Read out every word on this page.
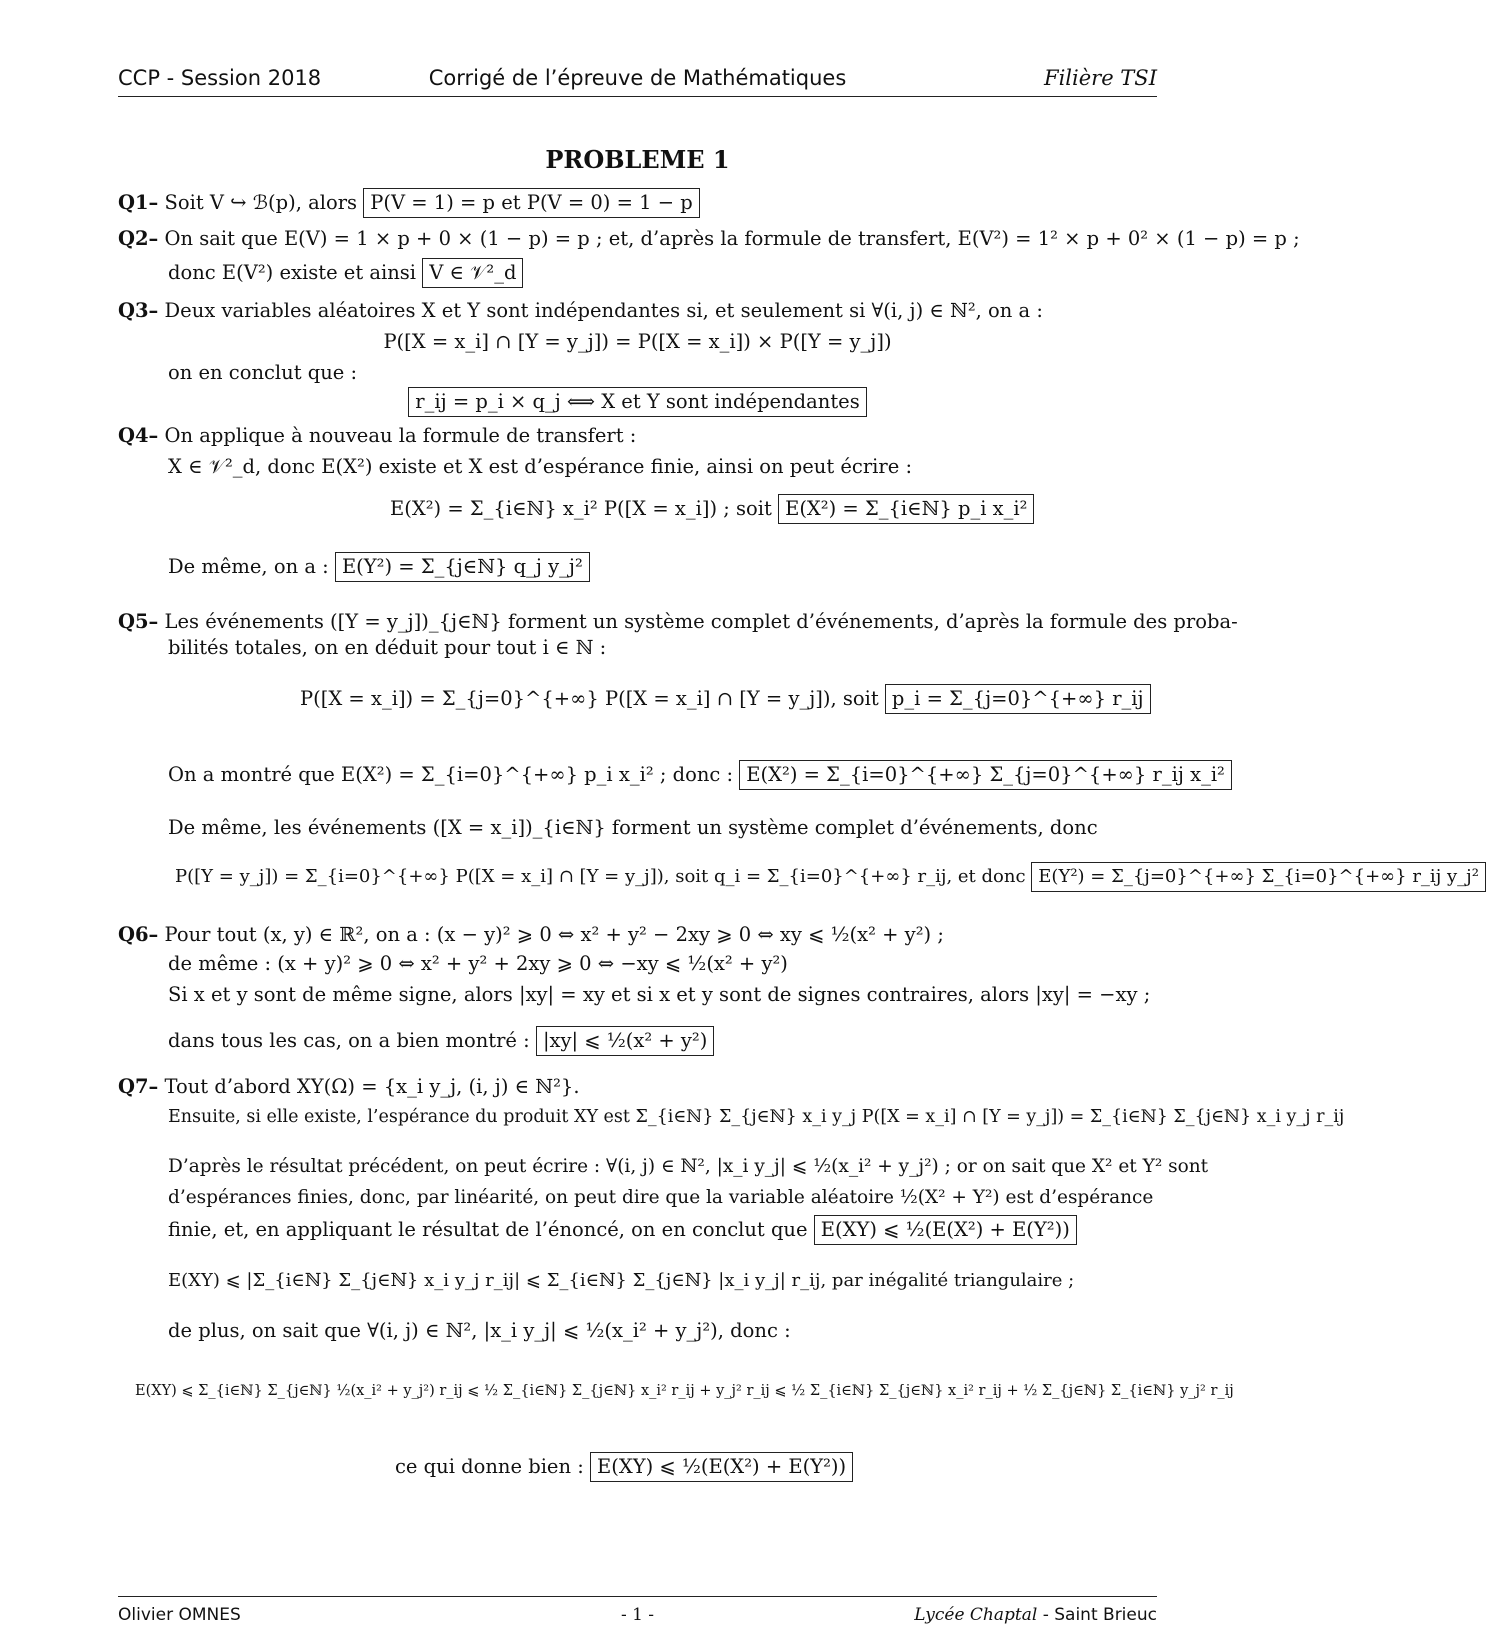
CCP - Session 2018	Corrigé de l’épreuve de Mathématiques	Filière TSI
PROBLEME 1
Q1– Soit V ↪ ℬ(p), alors P(V = 1) = p et P(V = 0) = 1 − p
Q2– On sait que E(V) = 1 × p + 0 × (1 − p) = p ; et, d’après la formule de transfert, E(V²) = 1² × p + 0² × (1 − p) = p ;
donc E(V²) existe et ainsi V ∈ 𝒱²_d
Q3– Deux variables aléatoires X et Y sont indépendantes si, et seulement si ∀(i, j) ∈ ℕ², on a :
P([X = x_i] ∩ [Y = y_j]) = P([X = x_i]) × P([Y = y_j])
on en conclut que :
r_ij = p_i × q_j ⟺ X et Y sont indépendantes
Q4– On applique à nouveau la formule de transfert :
X ∈ 𝒱²_d, donc E(X²) existe et X est d’espérance finie, ainsi on peut écrire :
E(X²) = Σ_{i∈ℕ} x_i² P([X = x_i]) ; soit E(X²) = Σ_{i∈ℕ} p_i x_i²
De même, on a : E(Y²) = Σ_{j∈ℕ} q_j y_j²
Q5– Les événements ([Y = y_j])_{j∈ℕ} forment un système complet d’événements, d’après la formule des proba-
bilités totales, on en déduit pour tout i ∈ ℕ :
P([X = x_i]) = Σ_{j=0}^{+∞} P([X = x_i] ∩ [Y = y_j]), soit p_i = Σ_{j=0}^{+∞} r_ij
On a montré que E(X²) = Σ_{i=0}^{+∞} p_i x_i² ; donc : E(X²) = Σ_{i=0}^{+∞} Σ_{j=0}^{+∞} r_ij x_i²
De même, les événements ([X = x_i])_{i∈ℕ} forment un système complet d’événements, donc
P([Y = y_j]) = Σ_{i=0}^{+∞} P([X = x_i] ∩ [Y = y_j]), soit q_i = Σ_{i=0}^{+∞} r_ij, et donc E(Y²) = Σ_{j=0}^{+∞} Σ_{i=0}^{+∞} r_ij y_j²
Q6– Pour tout (x, y) ∈ ℝ², on a : (x − y)² ⩾ 0 ⇔ x² + y² − 2xy ⩾ 0 ⇔ xy ⩽ ½(x² + y²) ;
de même : (x + y)² ⩾ 0 ⇔ x² + y² + 2xy ⩾ 0 ⇔ −xy ⩽ ½(x² + y²)
Si x et y sont de même signe, alors |xy| = xy et si x et y sont de signes contraires, alors |xy| = −xy ;
dans tous les cas, on a bien montré : |xy| ⩽ ½(x² + y²)
Q7– Tout d’abord XY(Ω) = {x_i y_j, (i, j) ∈ ℕ²}.
Ensuite, si elle existe, l’espérance du produit XY est Σ_{i∈ℕ} Σ_{j∈ℕ} x_i y_j P([X = x_i] ∩ [Y = y_j]) = Σ_{i∈ℕ} Σ_{j∈ℕ} x_i y_j r_ij
D’après le résultat précédent, on peut écrire : ∀(i, j) ∈ ℕ², |x_i y_j| ⩽ ½(x_i² + y_j²) ; or on sait que X² et Y² sont
d’espérances finies, donc, par linéarité, on peut dire que la variable aléatoire ½(X² + Y²) est d’espérance
finie, et, en appliquant le résultat de l’énoncé, on en conclut que E(XY) ⩽ ½(E(X²) + E(Y²))
E(XY) ⩽ |Σ_{i∈ℕ} Σ_{j∈ℕ} x_i y_j r_ij| ⩽ Σ_{i∈ℕ} Σ_{j∈ℕ} |x_i y_j| r_ij, par inégalité triangulaire ;
de plus, on sait que ∀(i, j) ∈ ℕ², |x_i y_j| ⩽ ½(x_i² + y_j²), donc :
E(XY) ⩽ Σ_{i∈ℕ} Σ_{j∈ℕ} ½(x_i² + y_j²) r_ij ⩽ ½ Σ_{i∈ℕ} Σ_{j∈ℕ} x_i² r_ij + y_j² r_ij ⩽ ½ Σ_{i∈ℕ} Σ_{j∈ℕ} x_i² r_ij + ½ Σ_{j∈ℕ} Σ_{i∈ℕ} y_j² r_ij
ce qui donne bien : E(XY) ⩽ ½(E(X²) + E(Y²))
Olivier OMNES	- 1 -	Lycée Chaptal - Saint Brieuc
